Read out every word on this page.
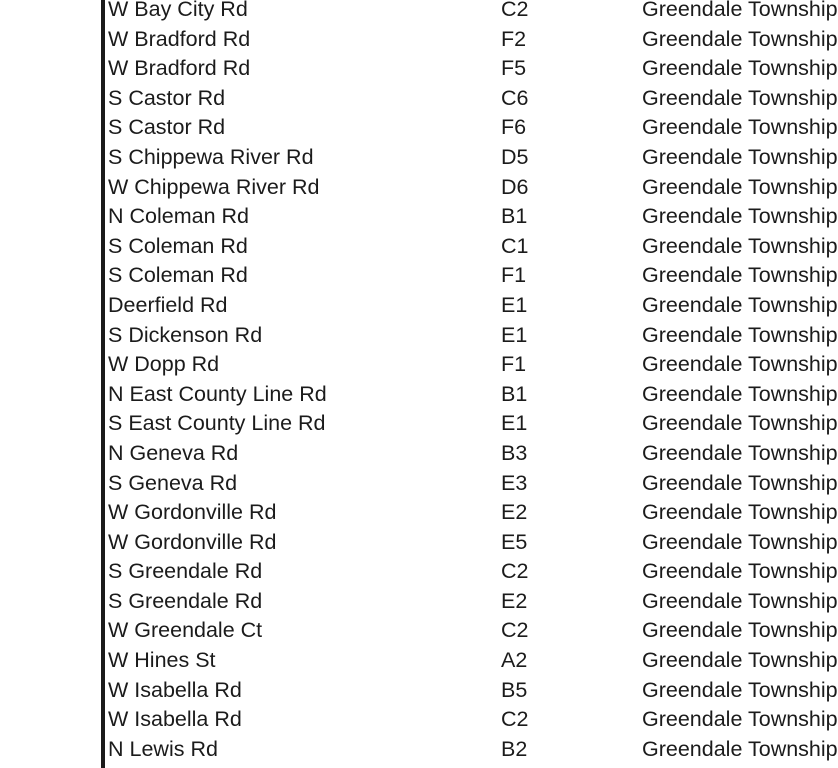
W Bay City Rd	C2	Greendale Township
W Bradford Rd	F2	Greendale Township
W Bradford Rd	F5	Greendale Township
S Castor Rd	C6	Greendale Township
S Castor Rd	F6	Greendale Township
S Chippewa River Rd	D5	Greendale Township
W Chippewa River Rd	D6	Greendale Township
N Coleman Rd	B1	Greendale Township
S Coleman Rd	C1	Greendale Township
S Coleman Rd	F1	Greendale Township
Deerfield Rd	E1	Greendale Township
S Dickenson Rd	E1	Greendale Township
W Dopp Rd	F1	Greendale Township
N East County Line Rd	B1	Greendale Township
S East County Line Rd	E1	Greendale Township
N Geneva Rd	B3	Greendale Township
S Geneva Rd	E3	Greendale Township
W Gordonville Rd	E2	Greendale Township
W Gordonville Rd	E5	Greendale Township
S Greendale Rd	C2	Greendale Township
S Greendale Rd	E2	Greendale Township
W Greendale Ct	C2	Greendale Township
W Hines St	A2	Greendale Township
W Isabella Rd	B5	Greendale Township
W Isabella Rd	C2	Greendale Township
N Lewis Rd	B2	Greendale Township
